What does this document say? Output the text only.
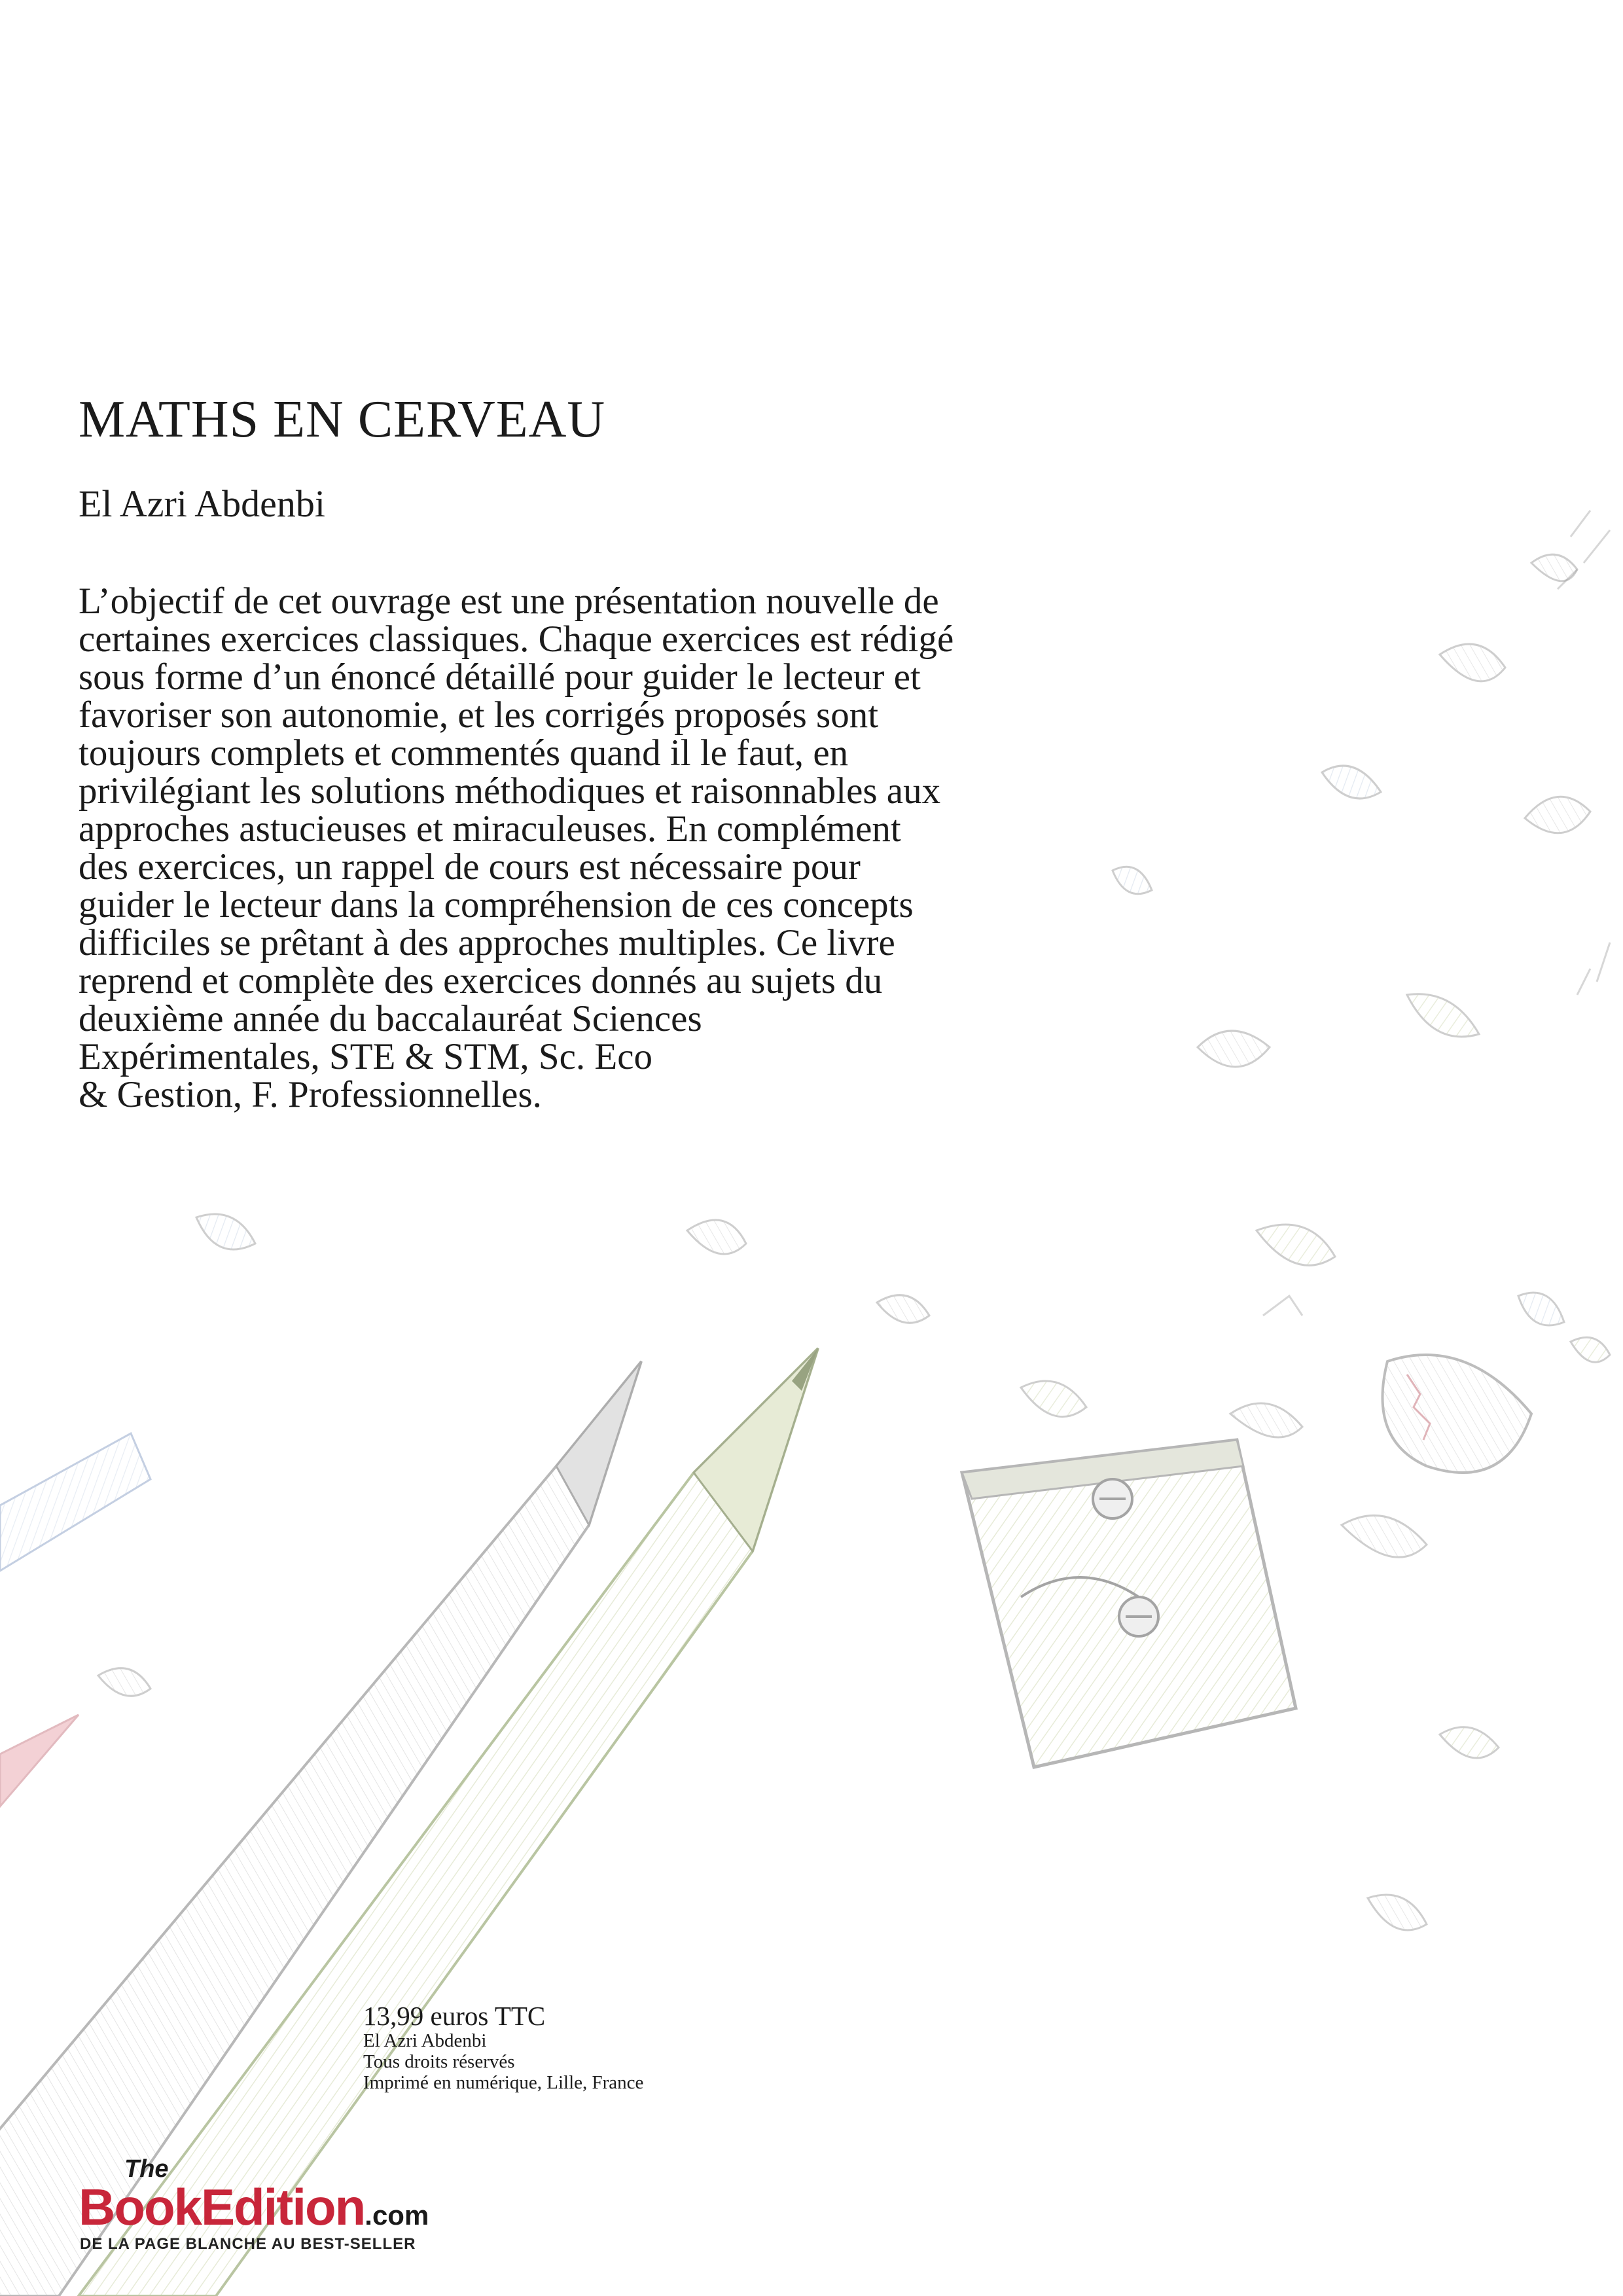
MATHS EN CERVEAU

El Azri Abdenbi

L’objectif de cet ouvrage est une présentation nouvelle de
certaines exercices classiques. Chaque exercices est rédigé
sous forme d’un énoncé détaillé pour guider le lecteur et
favoriser son autonomie, et les corrigés proposés sont
toujours complets et commentés quand il le faut, en
privilégiant les solutions méthodiques et raisonnables aux
approches astucieuses et miraculeuses. En complément
des exercices, un rappel de cours est nécessaire pour
guider le lecteur dans la compréhension de ces concepts
difficiles se prêtant à des approches multiples. Ce livre
reprend et complète des exercices donnés au sujets du
deuxième année du baccalauréat Sciences
Expérimentales, STE & STM, Sc. Eco
& Gestion, F. Professionnelles.

13,99 euros TTC
El Azri Abdenbi
Tous droits réservés
Imprimé en numérique, Lille, France
The
BookEdition.com
DE LA PAGE BLANCHE AU BEST-SELLER
